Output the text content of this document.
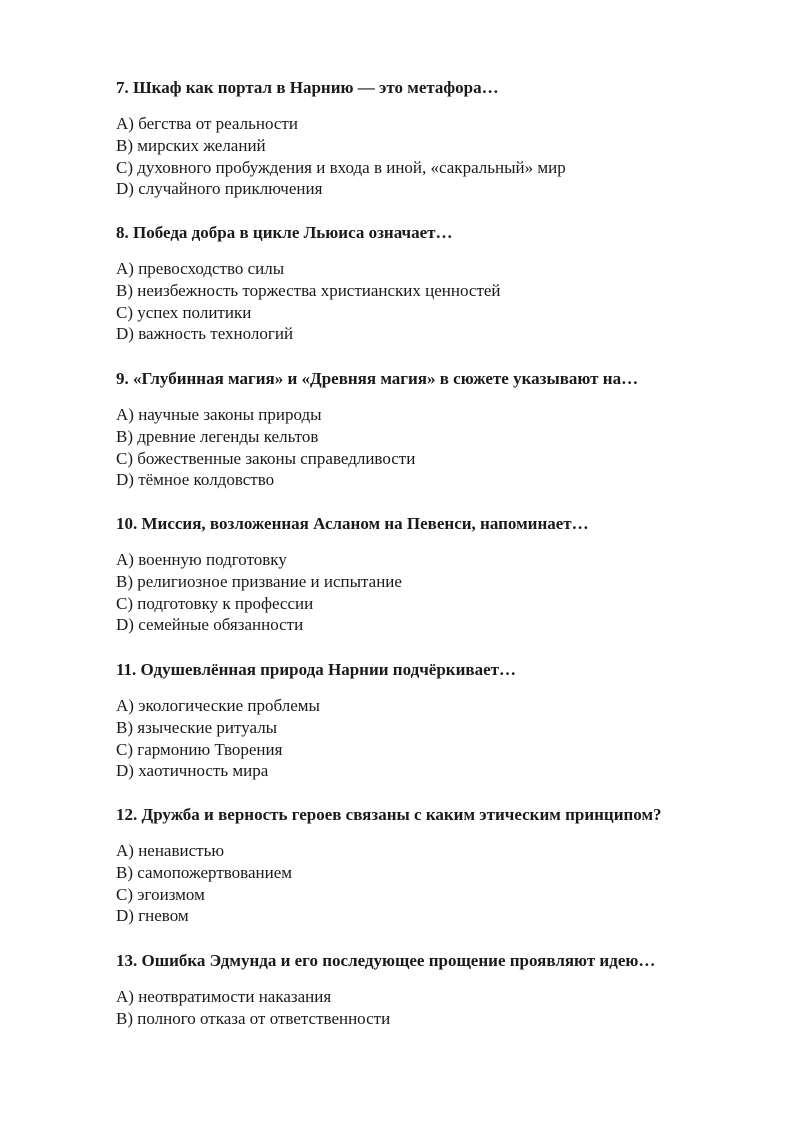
7. Шкаф как портал в Нарнию — это метафора…

A) бегства от реальности
B) мирских желаний
C) духовного пробуждения и входа в иной, «сакральный» мир
D) случайного приключения

8. Победа добра в цикле Льюиса означает…

A) превосходство силы
B) неизбежность торжества христианских ценностей
C) успех политики
D) важность технологий

9. «Глубинная магия» и «Древняя магия» в сюжете указывают на…

A) научные законы природы
B) древние легенды кельтов
C) божественные законы справедливости
D) тёмное колдовство

10. Миссия, возложенная Асланом на Певенси, напоминает…

A) военную подготовку
B) религиозное призвание и испытание
C) подготовку к профессии
D) семейные обязанности

11. Одушевлённая природа Нарнии подчёркивает…

A) экологические проблемы
B) языческие ритуалы
C) гармонию Творения
D) хаотичность мира

12. Дружба и верность героев связаны с каким этическим принципом?

A) ненавистью
B) самопожертвованием
C) эгоизмом
D) гневом

13. Ошибка Эдмунда и его последующее прощение проявляют идею…

A) неотвратимости наказания
B) полного отказа от ответственности
